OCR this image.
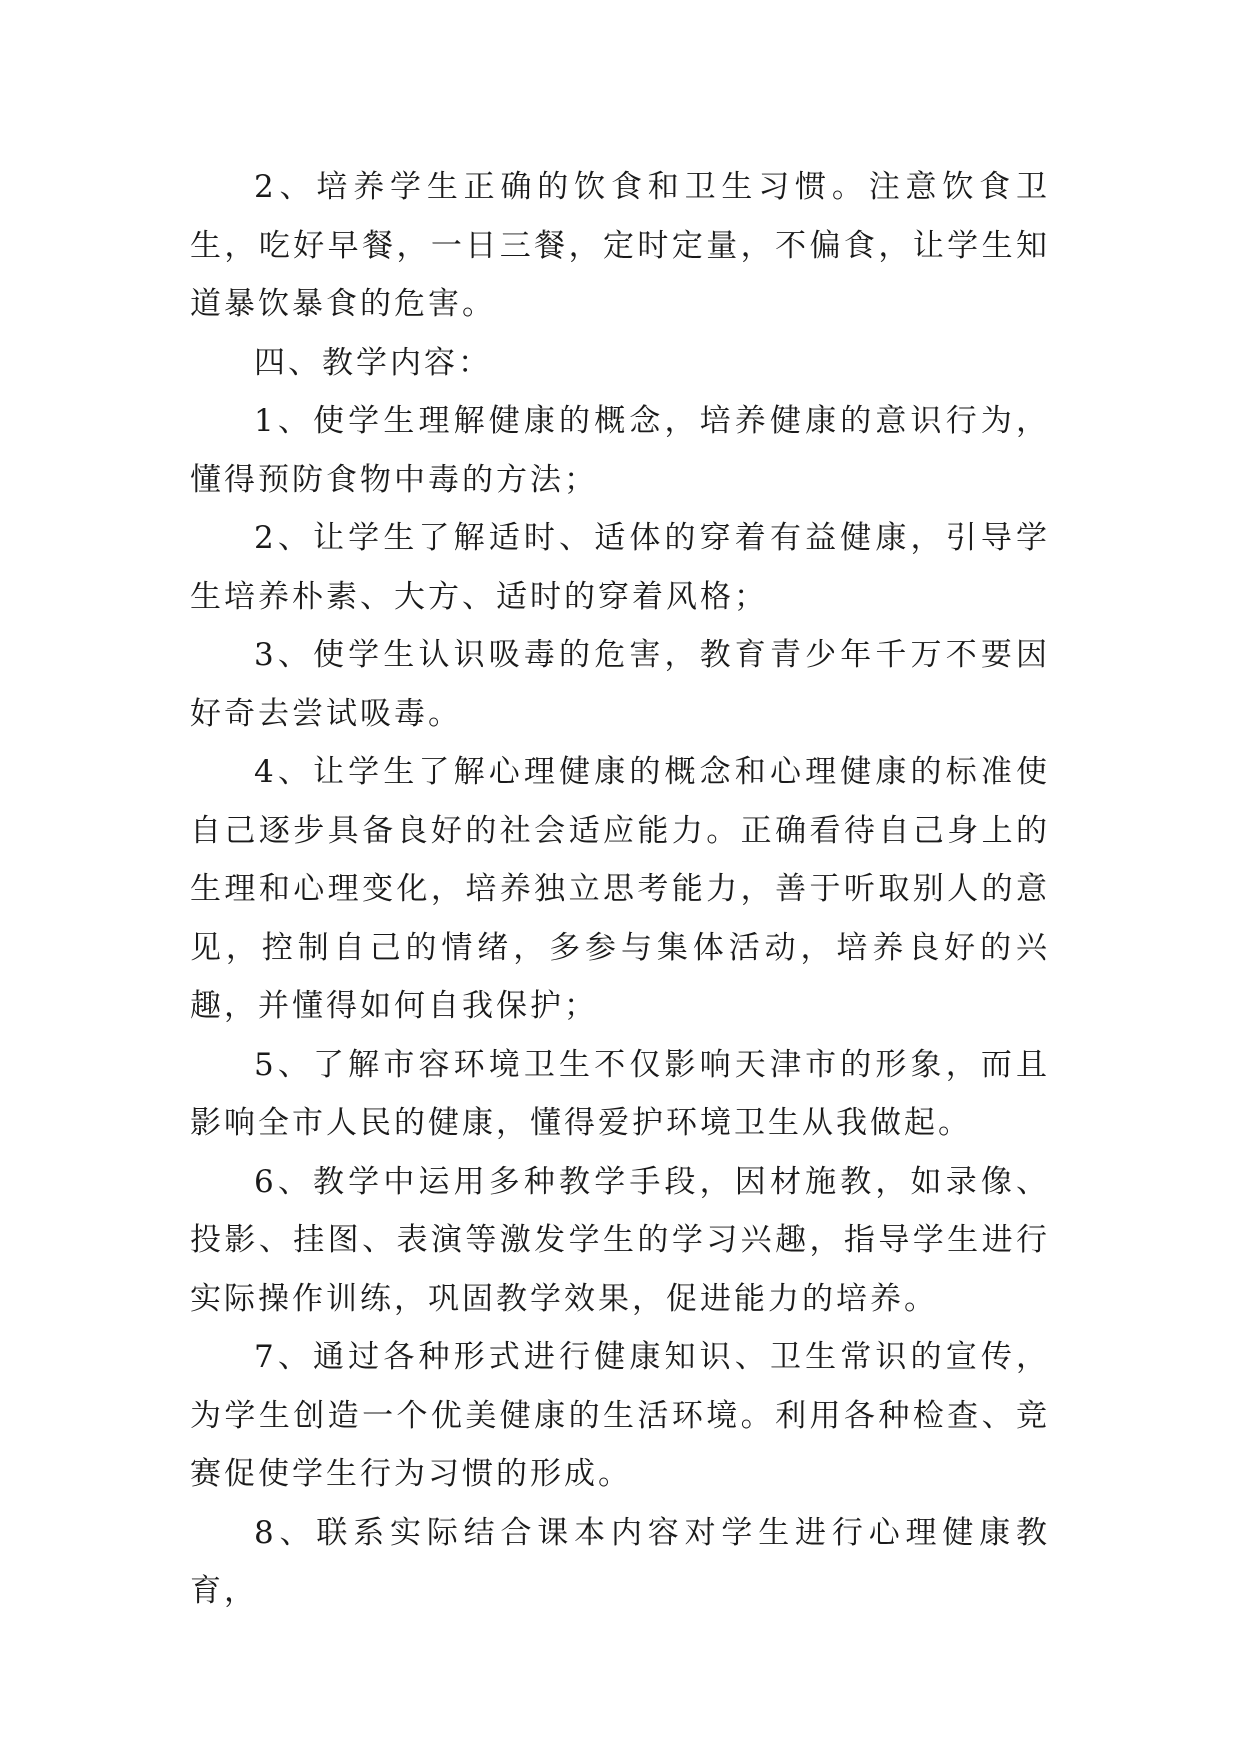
2、培养学生正确的饮食和卫生习惯。注意饮食卫生，吃好早餐，一日三餐，定时定量，不偏食，让学生知道暴饮暴食的危害。

四、教学内容：

1、使学生理解健康的概念，培养健康的意识行为，懂得预防食物中毒的方法；

2、让学生了解适时、适体的穿着有益健康，引导学生培养朴素、大方、适时的穿着风格；

3、使学生认识吸毒的危害，教育青少年千万不要因好奇去尝试吸毒。

4、让学生了解心理健康的概念和心理健康的标准使自己逐步具备良好的社会适应能力。正确看待自己身上的生理和心理变化，培养独立思考能力，善于听取别人的意见，控制自己的情绪，多参与集体活动，培养良好的兴趣，并懂得如何自我保护；

5、了解市容环境卫生不仅影响天津市的形象，而且影响全市人民的健康，懂得爱护环境卫生从我做起。

6、教学中运用多种教学手段，因材施教，如录像、投影、挂图、表演等激发学生的学习兴趣，指导学生进行实际操作训练，巩固教学效果，促进能力的培养。

7、通过各种形式进行健康知识、卫生常识的宣传，为学生创造一个优美健康的生活环境。利用各种检查、竞赛促使学生行为习惯的形成。

8、联系实际结合课本内容对学生进行心理健康教育，
